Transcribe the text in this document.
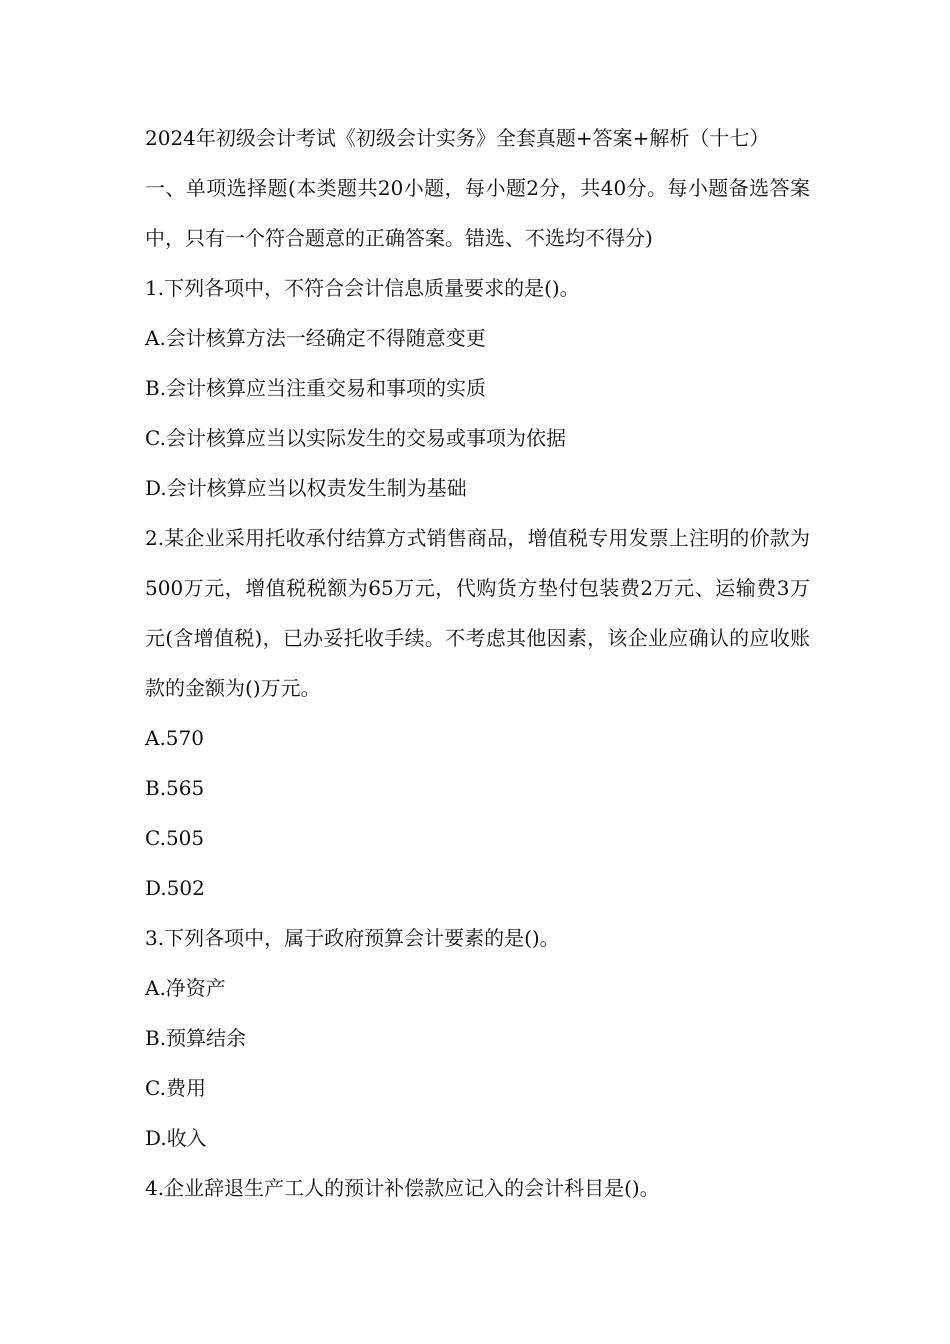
2024年初级会计考试《初级会计实务》全套真题+答案+解析（十七）
一、单项选择题(本类题共20小题，每小题2分，共40分。每小题备选答案中，只有一个符合题意的正确答案。错选、不选均不得分)
1.下列各项中，不符合会计信息质量要求的是()。
A.会计核算方法一经确定不得随意变更
B.会计核算应当注重交易和事项的实质
C.会计核算应当以实际发生的交易或事项为依据
D.会计核算应当以权责发生制为基础
2.某企业采用托收承付结算方式销售商品，增值税专用发票上注明的价款为500万元，增值税税额为65万元，代购货方垫付包装费2万元、运输费3万元(含增值税)，已办妥托收手续。不考虑其他因素，该企业应确认的应收账款的金额为()万元。
A.570
B.565
C.505
D.502
3.下列各项中，属于政府预算会计要素的是()。
A.净资产
B.预算结余
C.费用
D.收入
4.企业辞退生产工人的预计补偿款应记入的会计科目是()。
